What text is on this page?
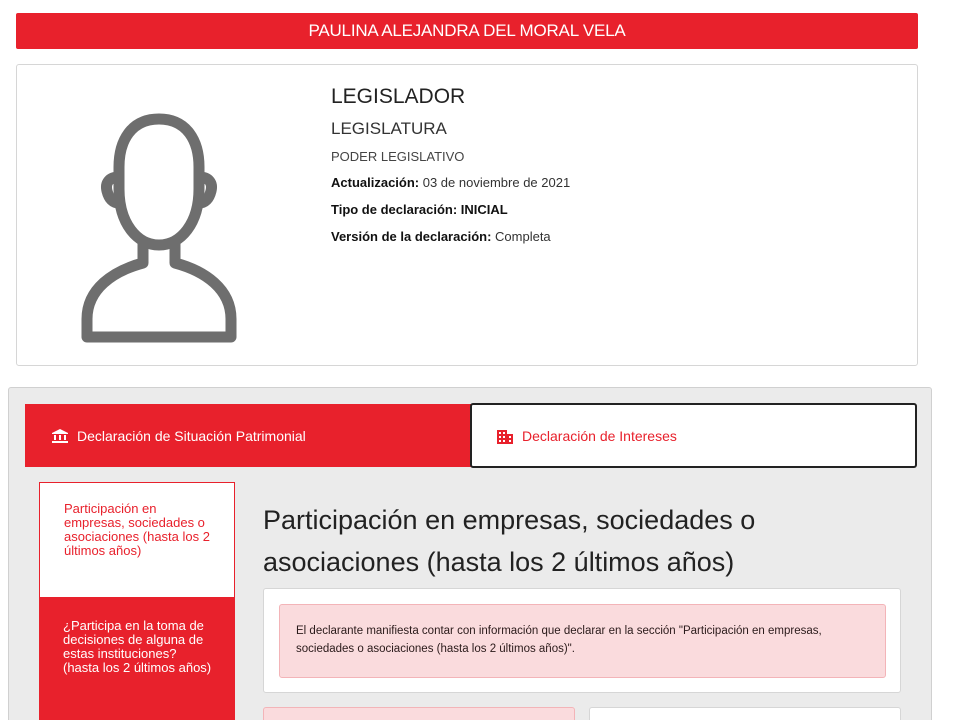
PAULINA ALEJANDRA DEL MORAL VELA
LEGISLADOR
LEGISLATURA
PODER LEGISLATIVO
Actualización: 03 de noviembre de 2021
Tipo de declaración: INICIAL
Versión de la declaración: Completa
Declaración de Situación Patrimonial	Declaración de Intereses
Participación en empresas, sociedades o asociaciones (hasta los 2 últimos años)
¿Participa en la toma de decisiones de alguna de estas instituciones? (hasta los 2 últimos años)
Participación en empresas, sociedades o asociaciones (hasta los 2 últimos años)
El declarante manifiesta contar con información que declarar en la sección "Participación en empresas, sociedades o asociaciones (hasta los 2 últimos años)".
